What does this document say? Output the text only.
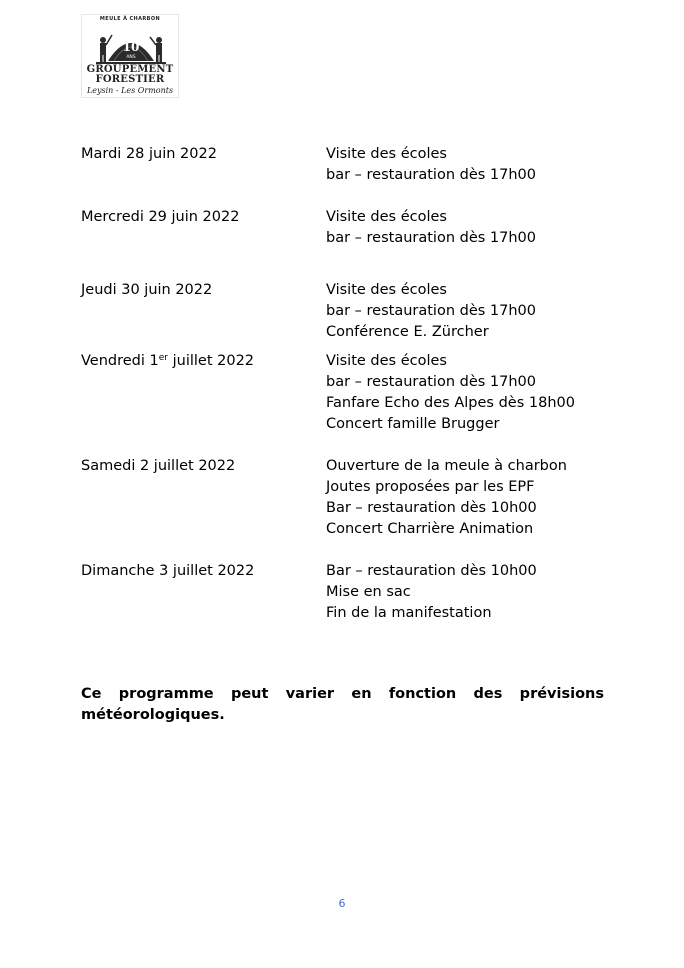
MEULE À CHARBON
10
ANS
GROUPEMENT
FORESTIER
Leysin - Les Ormonts
Mardi 28 juin 2022	Visite des écoles
bar – restauration dès 17h00
Mercredi 29 juin 2022	Visite des écoles
bar – restauration dès 17h00
Jeudi 30 juin 2022	Visite des écoles
bar – restauration dès 17h00
Conférence E. Zürcher
Vendredi 1er juillet 2022	Visite des écoles
bar – restauration dès 17h00
Fanfare Echo des Alpes dès 18h00
Concert famille Brugger
Samedi 2 juillet 2022	Ouverture de la meule à charbon
Joutes proposées par les EPF
Bar – restauration dès 10h00
Concert Charrière Animation
Dimanche 3 juillet 2022	Bar – restauration dès 10h00
Mise en sac
Fin de la manifestation
Ce programme peut varier en fonction des prévisions météorologiques.
6
